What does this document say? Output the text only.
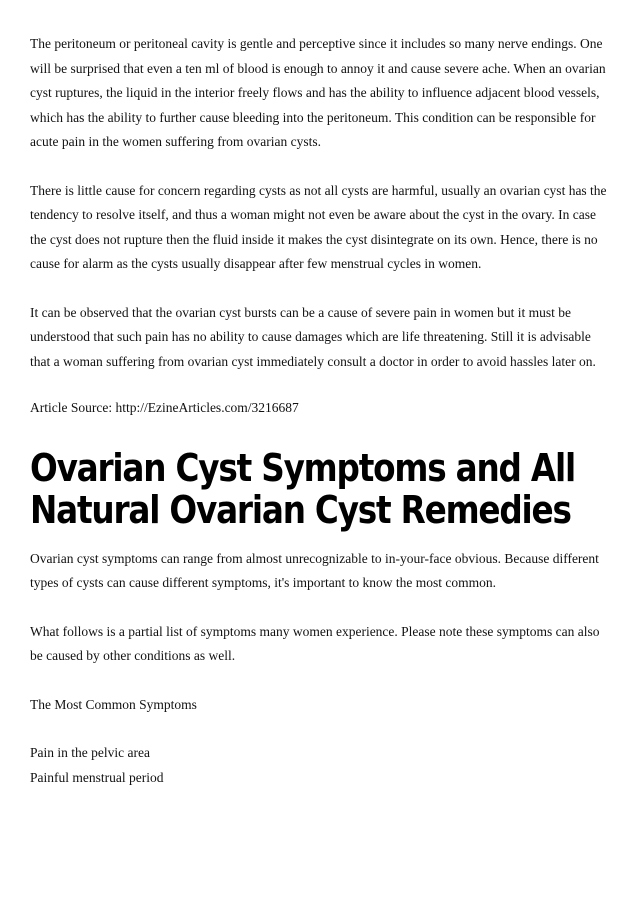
The peritoneum or peritoneal cavity is gentle and perceptive since it includes so many nerve endings. One will be surprised that even a ten ml of blood is enough to annoy it and cause severe ache. When an ovarian cyst ruptures, the liquid in the interior freely flows and has the ability to influence adjacent blood vessels, which has the ability to further cause bleeding into the peritoneum. This condition can be responsible for acute pain in the women suffering from ovarian cysts.

There is little cause for concern regarding cysts as not all cysts are harmful, usually an ovarian cyst has the tendency to resolve itself, and thus a woman might not even be aware about the cyst in the ovary. In case the cyst does not rupture then the fluid inside it makes the cyst disintegrate on its own. Hence, there is no cause for alarm as the cysts usually disappear after few menstrual cycles in women.

It can be observed that the ovarian cyst bursts can be a cause of severe pain in women but it must be understood that such pain has no ability to cause damages which are life threatening. Still it is advisable that a woman suffering from ovarian cyst immediately consult a doctor in order to avoid hassles later on.

Article Source: http://EzineArticles.com/3216687

Ovarian Cyst Symptoms and All
Natural Ovarian Cyst Remedies

Ovarian cyst symptoms can range from almost unrecognizable to in-your-face obvious. Because different types of cysts can cause different symptoms, it's important to know the most common.

What follows is a partial list of symptoms many women experience. Please note these symptoms can also be caused by other conditions as well.

The Most Common Symptoms

Pain in the pelvic area

Painful menstrual period
